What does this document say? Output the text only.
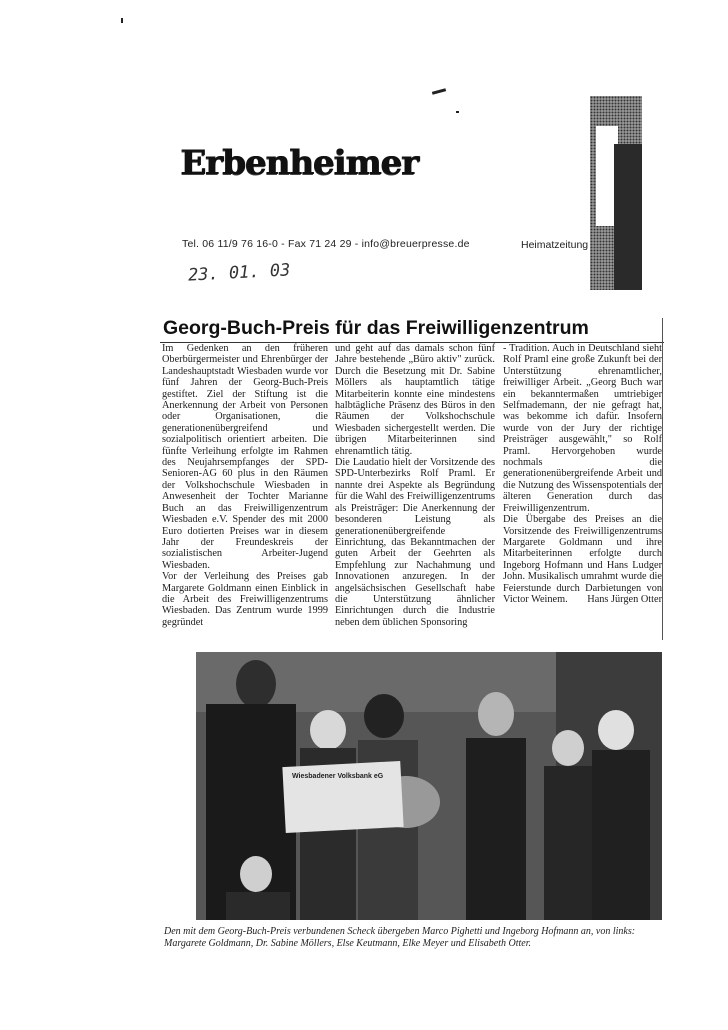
Erbenheimer
Tel. 06 11/9 76 16-0 - Fax 71 24 29 - info@breuerpresse.de	Heimatzeitung
23. 01. 03
Georg-Buch-Preis für das Freiwilligenzentrum

Im Gedenken an den früheren Oberbürgermeister und Ehrenbürger der Landeshauptstadt Wiesbaden wurde vor fünf Jahren der Georg-Buch-Preis gestiftet. Ziel der Stiftung ist die Anerkennung der Arbeit von Personen oder Organisationen, die generationenübergreifend und sozialpolitisch orientiert arbeiten. Die fünfte Verleihung erfolgte im Rahmen des Neujahrsempfanges der SPD-Senioren-AG 60 plus in den Räumen der Volkshochschule Wiesbaden in Anwesenheit der Tochter Marianne Buch an das Freiwilligenzentrum Wiesbaden e.V. Spender des mit 2000 Euro dotierten Preises war in diesem Jahr der Freundeskreis der sozialistischen Arbeiter-Jugend Wiesbaden.

Vor der Verleihung des Preises gab Margarete Goldmann einen Einblick in die Arbeit des Freiwilligenzentrums Wiesbaden. Das Zentrum wurde 1999 gegründet

und geht auf das damals schon fünf Jahre bestehende „Büro aktiv" zurück. Durch die Besetzung mit Dr. Sabine Möllers als hauptamtlich tätige Mitarbeiterin konnte eine mindestens halbtägliche Präsenz des Büros in den Räumen der Volkshochschule Wiesbaden sichergestellt werden. Die übrigen Mitarbeiterinnen sind ehrenamtlich tätig.

Die Laudatio hielt der Vorsitzende des SPD-Unterbezirks Rolf Praml. Er nannte drei Aspekte als Begründung für die Wahl des Freiwilligenzentrums als Preisträger: Die Anerkennung der besonderen Leistung als generationenübergreifende Einrichtung, das Bekanntmachen der guten Arbeit der Geehrten als Empfehlung zur Nachahmung und Innovationen anzuregen. In der angelsächsischen Gesellschaft habe die Unterstützung ähnlicher Einrichtungen durch die Industrie neben dem üblichen Sponsoring

- Tradition. Auch in Deutschland sieht Rolf Praml eine große Zukunft bei der Unterstützung ehrenamtlicher, freiwilliger Arbeit. „Georg Buch war ein bekanntermaßen umtriebiger Selfmademann, der nie gefragt hat, was bekomme ich dafür. Insofern wurde von der Jury der richtige Preisträger ausgewählt," so Rolf Praml. Hervorgehoben wurde nochmals die generationenübergreifende Arbeit und die Nutzung des Wissenspotentials der älteren Generation durch das Freiwilligenzentrum.

Die Übergabe des Preises an die Vorsitzende des Freiwilligenzentrums Margarete Goldmann und ihre Mitarbeiterinnen erfolgte durch Ingeborg Hofmann und Hans Ludger John. Musikalisch umrahmt wurde die Feierstunde durch Darbietungen von Victor Weinem. Hans Jürgen Otter

Wiesbadener Volksbank eG
Den mit dem Georg-Buch-Preis verbundenen Scheck übergeben Marco Pighetti und Ingeborg Hofmann an, von links: Margarete Goldmann, Dr. Sabine Möllers, Else Keutmann, Elke Meyer und Elisabeth Otter.
